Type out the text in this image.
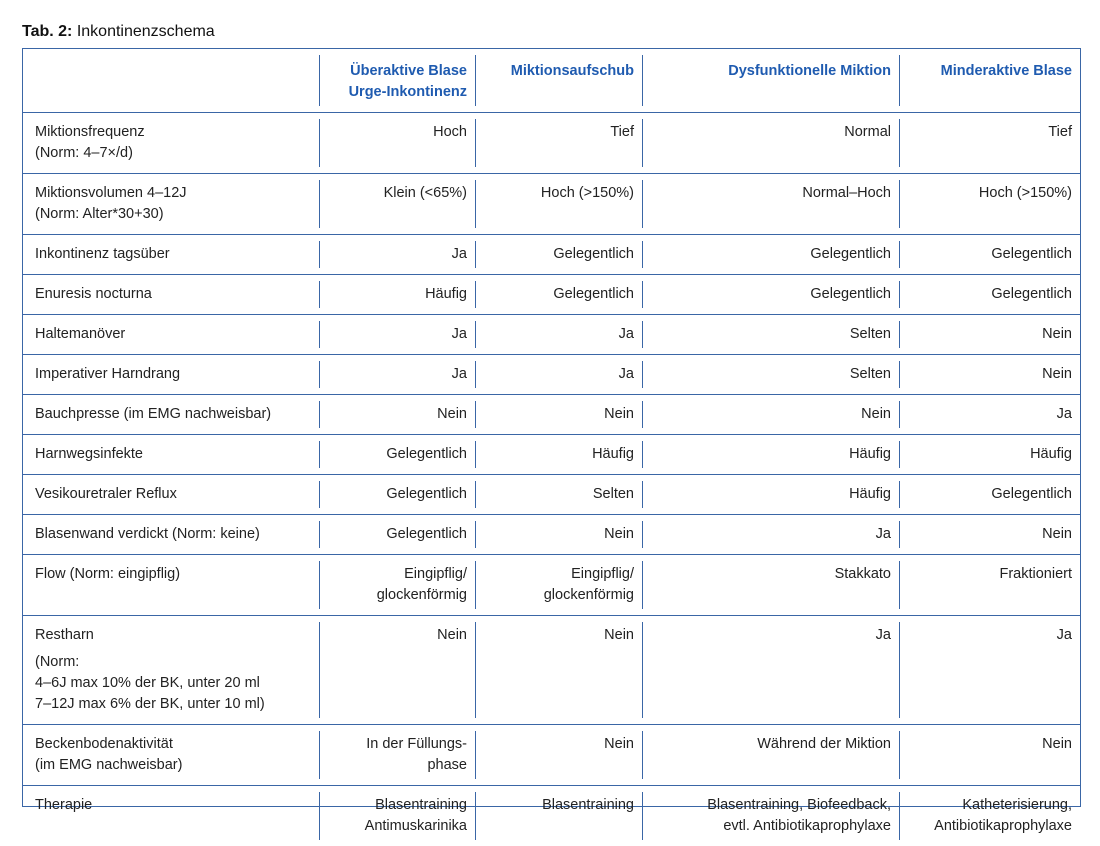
Tab. 2: Inkontinenzschema

	Überaktive Blase
Urge-Inkontinenz	Miktionsaufschub	Dysfunktionelle Miktion	Minderaktive Blase

Miktionsfrequenz
(Norm: 4–7×/d)	Hoch	Tief	Normal	Tief

Miktionsvolumen 4–12J
(Norm: Alter*30+30)	Klein (<65%)	Hoch (>150%)	Normal–Hoch	Hoch (>150%)

Inkontinenz tagsüber	Ja	Gelegentlich	Gelegentlich	Gelegentlich

Enuresis nocturna	Häufig	Gelegentlich	Gelegentlich	Gelegentlich

Haltemanöver	Ja	Ja	Selten	Nein

Imperativer Harndrang	Ja	Ja	Selten	Nein

Bauchpresse (im EMG nachweisbar)	Nein	Nein	Nein	Ja

Harnwegsinfekte	Gelegentlich	Häufig	Häufig	Häufig

Vesikouretraler Reflux	Gelegentlich	Selten	Häufig	Gelegentlich

Blasenwand verdickt (Norm: keine)	Gelegentlich	Nein	Ja	Nein

Flow (Norm: eingipflig)	Eingipflig/
glockenförmig	Eingipflig/
glockenförmig	Stakkato	Fraktioniert

Restharn
(Norm:
4–6J max 10% der BK, unter 20 ml
7–12J max 6% der BK, unter 10 ml)	Nein	Nein	Ja	Ja

Beckenbodenaktivität
(im EMG nachweisbar)	In der Füllungs-
phase	Nein	Während der Miktion	Nein

Therapie	Blasentraining
Antimuskarinika	Blasentraining	Blasentraining, Biofeedback,
evtl. Antibiotikaprophylaxe	Katheterisierung,
Antibiotikaprophylaxe
